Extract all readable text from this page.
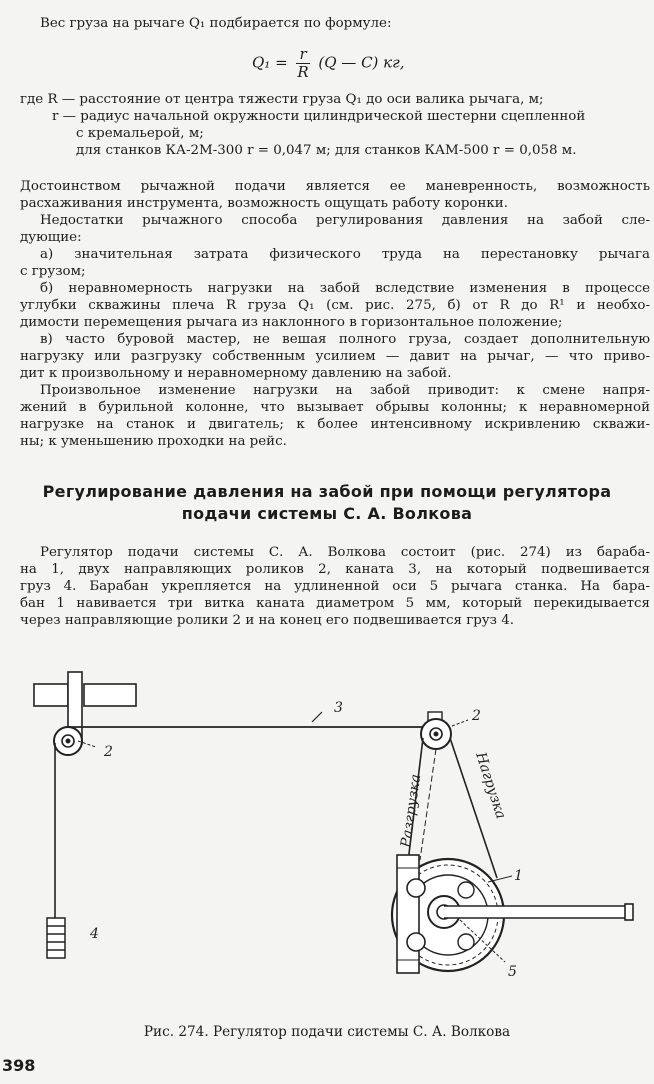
Вес груза на рычаге Q₁ подбирается по формуле:
$Q_1 = \frac{r}{R} (Q$ — C) кг,
где R — расстояние от центра тяжести груза Q₁ до оси валика рычага, м;
r — радиус начальной окружности цилиндрической шестерни сцепленной
с кремальерой, м;
для станков КА-2М-300 r = 0,047 м; для станков КАМ-500 r = 0,058 м.
Достоинством рычажной подачи является ее маневренность, возможность
расхаживания инструмента, возможность ощущать работу коронки.
Недостатки рычажного способа регулирования давления на забой сле-
дующие:
а) значительная затрата физического труда на перестановку рычага
с грузом;
б) неравномерность нагрузки на забой вследствие изменения в процессе
углубки скважины плеча R груза Q₁ (см. рис. 275, б) от R до R¹ и необхо-
димости перемещения рычага из наклонного в горизонтальное положение;
в) часто буровой мастер, не вешая полного груза, создает дополнительную
нагрузку или разгрузку собственным усилием — давит на рычаг, — что приво-
дит к произвольному и неравномерному давлению на забой.
Произвольное изменение нагрузки на забой приводит: к смене напря-
жений в бурильной колонне, что вызывает обрывы колонны; к неравномерной
нагрузке на станок и двигатель; к более интенсивному искривлению скважи-
ны; к уменьшению проходки на рейс.
Регулирование давления на забой при помощи регулятора
подачи системы С. А. Волкова
Регулятор подачи системы С. А. Волкова состоит (рис. 274) из бараба-
на 1, двух направляющих роликов 2, каната 3, на который подвешивается
груз 4. Барабан укрепляется на удлиненной оси 5 рычага станка. На бара-
бан 1 навивается три витка каната диаметром 5 мм, который перекидывается
через направляющие ролики 2 и на конец его подвешивается груз 4.
2
3	2
1
4
5
Разгрузка	Нагрузка
Рис. 274. Регулятор подачи системы С. А. Волкова
398
